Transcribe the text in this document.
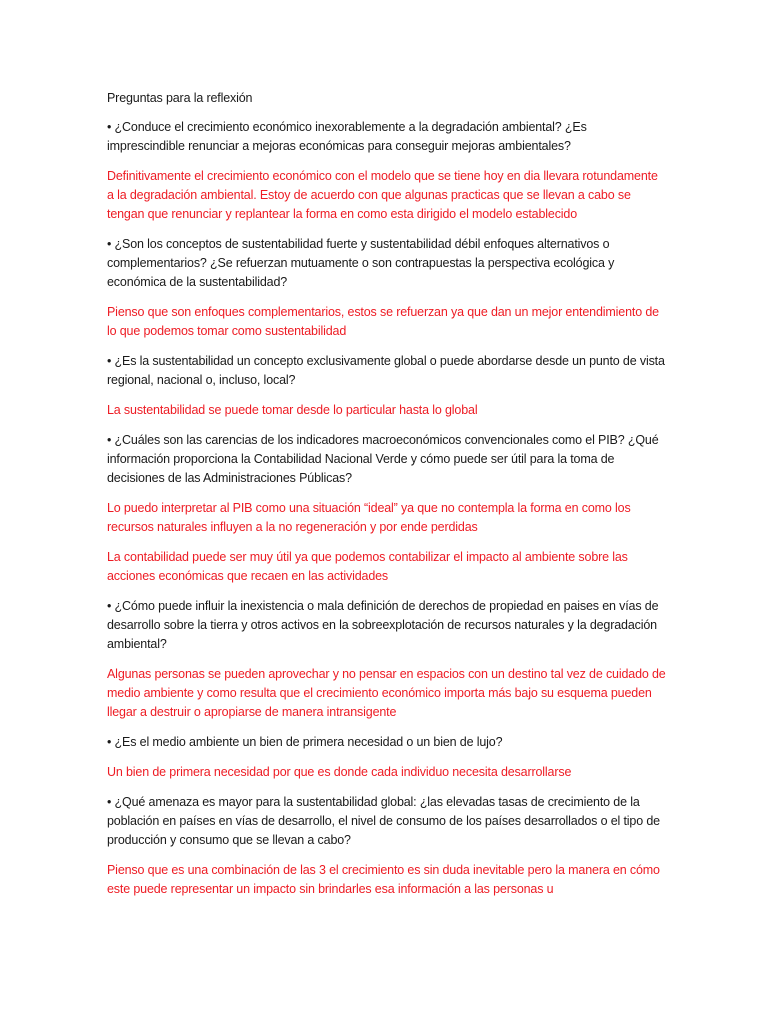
Preguntas para la reflexión

• ¿Conduce el crecimiento económico inexorablemente a la degradación ambiental? ¿Es imprescindible renunciar a mejoras económicas para conseguir mejoras ambientales?

Definitivamente el crecimiento económico con el modelo que se tiene hoy en dia llevara rotundamente a la degradación ambiental. Estoy de acuerdo con que algunas practicas que se llevan a cabo se tengan que renunciar y replantear la forma en como esta dirigido el modelo establecido

• ¿Son los conceptos de sustentabilidad fuerte y sustentabilidad débil enfoques alternativos o complementarios? ¿Se refuerzan mutuamente o son contrapuestas la perspectiva ecológica y económica de la sustentabilidad?

Pienso que son enfoques complementarios, estos se refuerzan ya que dan un mejor entendimiento de lo que podemos tomar como sustentabilidad

• ¿Es la sustentabilidad un concepto exclusivamente global o puede abordarse desde un punto de vista regional, nacional o, incluso, local?

La sustentabilidad se puede tomar desde lo particular hasta lo global

• ¿Cuáles son las carencias de los indicadores macroeconómicos convencionales como el PIB? ¿Qué información proporciona la Contabilidad Nacional Verde y cómo puede ser útil para la toma de decisiones de las Administraciones Públicas?

Lo puedo interpretar al PIB como una situación “ideal” ya que no contempla la forma en como los recursos naturales influyen a la no regeneración y por ende perdidas

La contabilidad puede ser muy útil ya que podemos contabilizar el impacto al ambiente sobre las acciones económicas que recaen en las actividades

• ¿Cómo puede influir la inexistencia o mala definición de derechos de propiedad en paises en vías de desarrollo sobre la tierra y otros activos en la sobreexplotación de recursos naturales y la degradación ambiental?

Algunas personas se pueden aprovechar y no pensar en espacios con un destino tal vez de cuidado de medio ambiente y como resulta que el crecimiento económico importa más bajo su esquema pueden llegar a destruir o apropiarse de manera intransigente

• ¿Es el medio ambiente un bien de primera necesidad o un bien de lujo?

Un bien de primera necesidad por que es donde cada individuo necesita desarrollarse

• ¿Qué amenaza es mayor para la sustentabilidad global: ¿las elevadas tasas de crecimiento de la población en países en vías de desarrollo, el nivel de consumo de los países desarrollados o el tipo de producción y consumo que se llevan a cabo?

Pienso que es una combinación de las 3 el crecimiento es sin duda inevitable pero la manera en cómo este puede representar un impacto sin brindarles esa información a las personas u
